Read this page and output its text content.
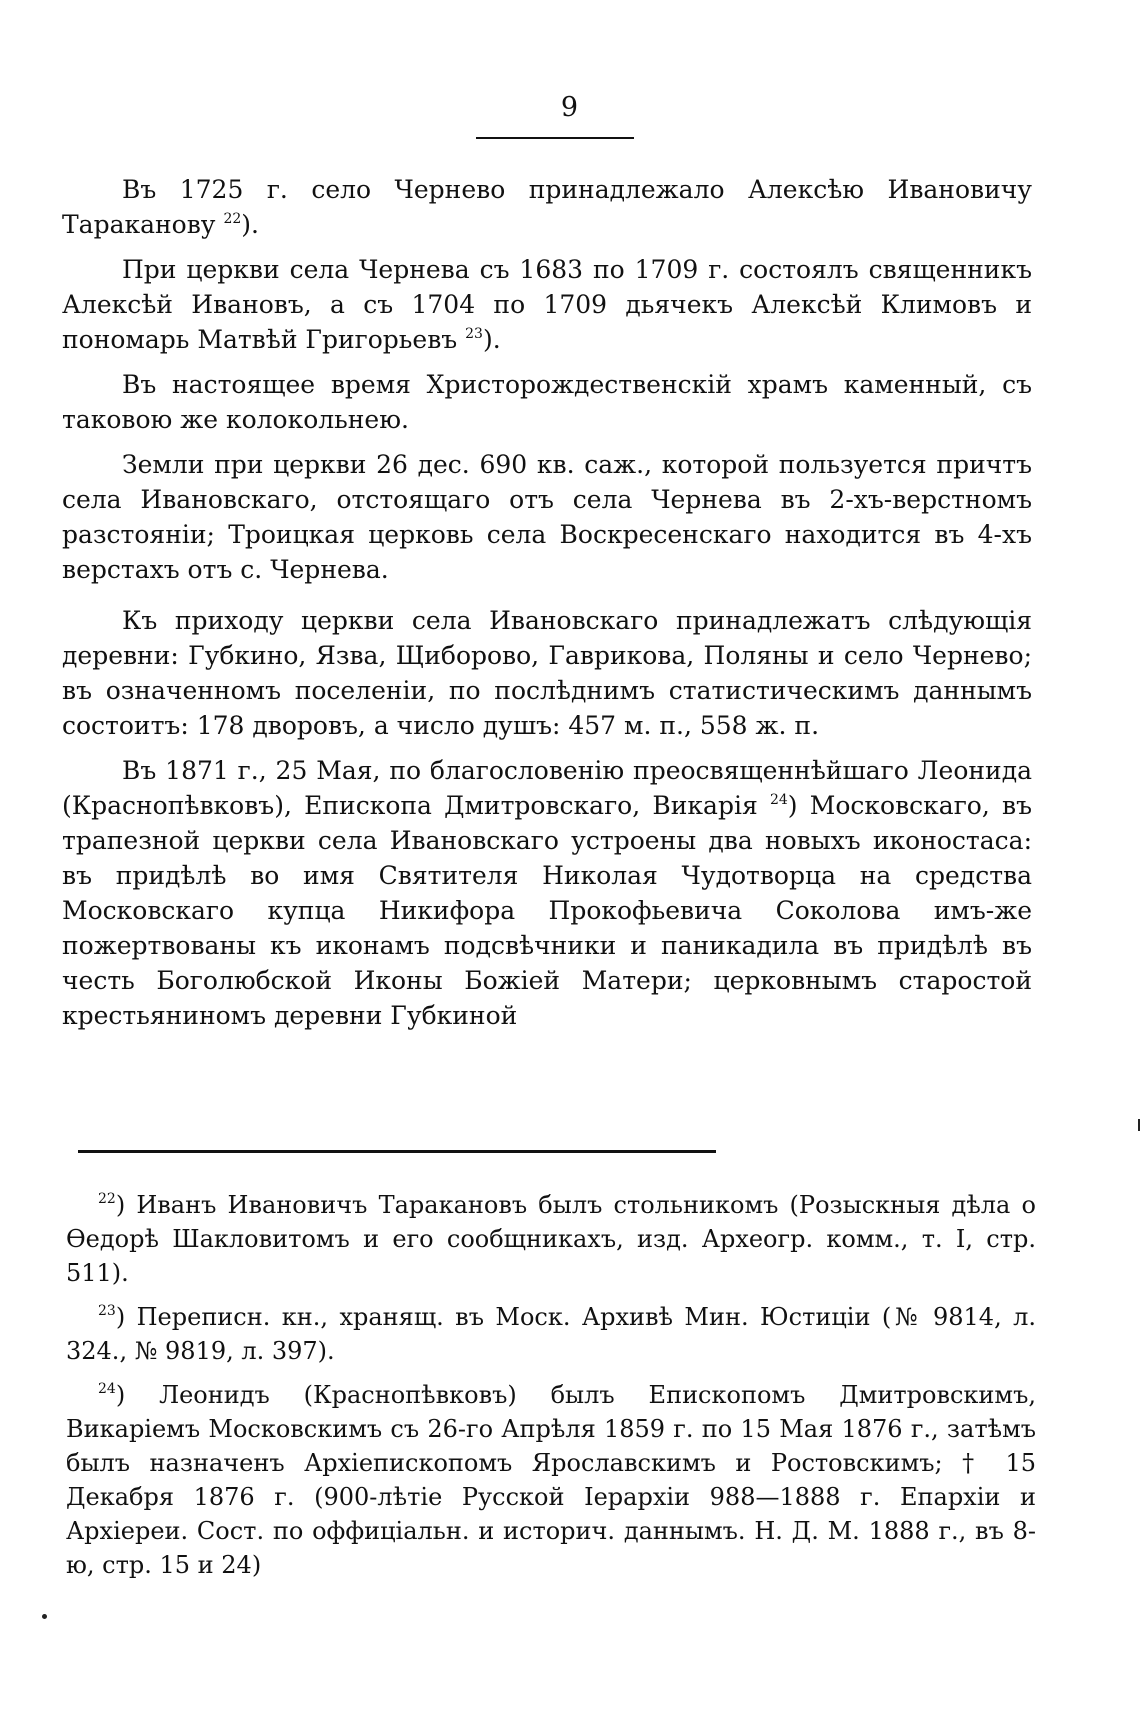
9

Въ 1725 г. село Чернево принадлежало Алексѣю Ивановичу Тараканову $^{22}$).

При церкви села Чернева съ 1683 по 1709 г. состоялъ священникъ Алексѣй Ивановъ, а съ 1704 по 1709 дьячекъ Алексѣй Климовъ и пономарь Матвѣй Григорьевъ $^{23}$).

Въ настоящее время Христорождественскій храмъ каменный, съ таковою же колокольнею.

Земли при церкви 26 дес. 690 кв. саж., которой пользуется причтъ села Ивановскаго, отстоящаго отъ села Чернева въ 2-хъ-верстномъ разстояніи; Троицкая церковь села Воскресенскаго находится въ 4-хъ верстахъ отъ с. Чернева.

Къ приходу церкви села Ивановскаго принадлежатъ слѣдующія деревни: Губкино, Язва, Щиборово, Гаврикова, Поляны и село Чернево; въ означенномъ поселеніи, по послѣднимъ статистическимъ даннымъ состоитъ: 178 дворовъ, а число душъ: 457 м. п., 558 ж. п.

Въ 1871 г., 25 Мая, по благословенію преосвященнѣйшаго Леонида (Краснопѣвковъ), Епископа Дмитровскаго, Викарія $^{24}$) Московскаго, въ трапезной церкви села Ивановскаго устроены два новыхъ иконостаса: въ придѣлѣ во имя Святителя Николая Чудотворца на средства Московскаго купца Никифора Прокофьевича Соколова имъ-же пожертвованы къ иконамъ подсвѣчники и паникадила въ придѣлѣ въ честь Боголюбской Иконы Божіей Матери; церковнымъ старостой крестьяниномъ деревни Губкиной

$^{22}$) Иванъ Ивановичъ Таракановъ былъ стольникомъ (Розыскныя дѣла о Ѳедорѣ Шакловитомъ и его сообщникахъ, изд. Археогр. комм., т. I, стр. 511).

$^{23}$) Переписн. кн., хранящ. въ Моск. Архивѣ Мин. Юстиціи (№ 9814, л. 324., № 9819, л. 397).

$^{24}$) Леонидъ (Краснопѣвковъ) былъ Епископомъ Дмитровскимъ, Викаріемъ Московскимъ съ 26-го Апрѣля 1859 г. по 15 Мая 1876 г., затѣмъ былъ назначенъ Архіепископомъ Ярославскимъ и Ростовскимъ; † 15 Декабря 1876 г. (900-лѣтіе Русской Іерархіи 988—1888 г. Епархіи и Архіереи. Сост. по оффиціальн. и историч. даннымъ. Н. Д. М. 1888 г., въ 8-ю, стр. 15 и 24)
